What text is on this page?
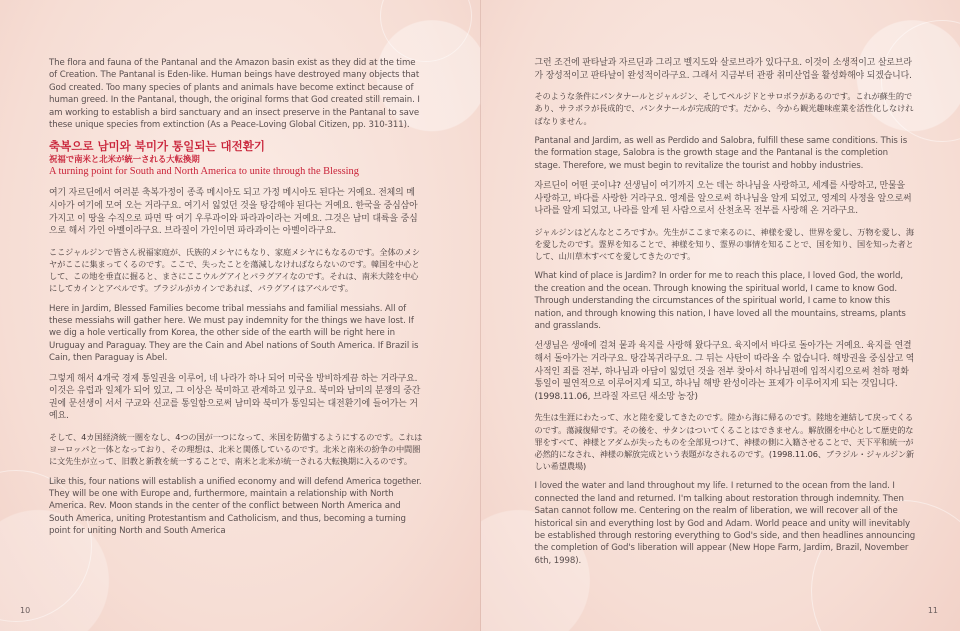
The flora and fauna of the Pantanal and the Amazon basin exist as they did at the time of Creation. The Pantanal is Eden-like. Human beings have destroyed many objects that God created. Too many species of plants and animals have become extinct because of human greed. In the Pantanal, though, the original forms that God created still remain. I am working to establish a bird sanctuary and an insect preserve in the Pantanal to save these unique species from extinction (As a Peace-Loving Global Citizen, pp. 310-311).

축복으로 남미와 북미가 통일되는 대전환기
祝福で南米と北米が統一される大転換期
A turning point for South and North America to unite through the Blessing

여기 자르딘에서 여러분 축복가정이 종족 메시아도 되고 가정 메시아도 된다는 거예요. 전체의 메시아가 여기에 모여 오는 거라구요. 여기서 잃었던 것을 탕감해야 된다는 거예요. 한국을 중심삼아 가지고 이 땅을 수직으로 파면 딱 여기 우루과이와 파라과이라는 거예요. 그것은 남미 대륙을 중심으로 해서 가인 아벨이라구요. 브라질이 가인이면 파라과이는 아벨이라구요.

ここジャルジンで皆さん祝福家庭が、氏族的メシヤにもなり、家庭メシヤにもなるのです。全体のメシヤがここに集まってくるのです。ここで、失ったことを蕩減しなければならないのです。韓国を中心として、この地を垂直に掘ると、まさにここウルグアイとパラグアイなのです。それは、南米大陸を中心にしてカインとアベルです。ブラジルがカインであれば、パラグアイはアベルです。

Here in Jardim, Blessed Families become tribal messiahs and familial messiahs. All of these messiahs will gather here. We must pay indemnity for the things we have lost. If we dig a hole vertically from Korea, the other side of the earth will be right here in Uruguay and Paraguay. They are the Cain and Abel nations of South America. If Brazil is Cain, then Paraguay is Abel.

그렇게 해서 4개국 경제 통일권을 이루어, 네 나라가 하나 되어 미국을 방비하게끔 하는 거라구요. 이것은 유럽과 일체가 되어 있고, 그 이상은 북미하고 관계하고 있구요. 북미와 남미의 분쟁의 중간권에 문선생이 서서 구교와 신교를 통일함으로써 남미와 북미가 통일되는 대전환기에 들어가는 거예요.

そして、4カ国経済統一圏をなし、4つの国が一つになって、米国を防備するようにするのです。これはヨーロッパと一体となっており、その理想は、北米と関係しているのです。北米と南米の紛争の中間圏に文先生が立って、旧教と新教を統一することで、南米と北米が統一される大転換期に入るのです。

Like this, four nations will establish a unified economy and will defend America together. They will be one with Europe and, furthermore, maintain a relationship with North America. Rev. Moon stands in the center of the conflict between North America and South America, uniting Protestantism and Catholicism, and thus, becoming a turning point for uniting North and South America

10

그런 조건에 판타날과 자르딘과 그리고 벨지도와 살로브라가 있다구요. 이것이 소생적이고 살로브라가 장성적이고 판타날이 완성적이라구요. 그래서 지금부터 관광 취미산업을 활성화해야 되겠습니다.

そのような条件にパンタナールとジャルジン、そしてペルジドとサロボラがあるのです。これが蘇生的であり、サラボラが長成的で、パンタナールが完成的です。だから、今から観光趣味産業を活性化しなければなりません。

Pantanal and Jardim, as well as Perdido and Salobra, fulfill these same conditions. This is the formation stage, Salobra is the growth stage and the Pantanal is the completion stage. Therefore, we must begin to revitalize the tourist and hobby industries.

자르딘이 어떤 곳이냐? 선생님이 여기까지 오는 데는 하나님을 사랑하고, 세계를 사랑하고, 만물을 사랑하고, 바다를 사랑한 거라구요. 영계를 알으로써 하나님을 알게 되었고, 영계의 사정을 알으로써 나라를 알게 되었고, 나라를 알게 된 사람으로서 산천초목 전부를 사랑해 온 거라구요.

ジャルジンはどんなところですか。先生がここまで来るのに、神様を愛し、世界を愛し、万物を愛し、海を愛したのです。霊界を知ることで、神様を知り、霊界の事情を知ることで、国を知り、国を知った者として、山川草木すべてを愛してきたのです。

What kind of place is Jardim? In order for me to reach this place, I loved God, the world, the creation and the ocean. Through knowing the spiritual world, I came to know God. Through understanding the circumstances of the spiritual world, I came to know this nation, and through knowing this nation, I have loved all the mountains, streams, plants and grasslands.

선생님은 생애에 걸쳐 뭍과 육지를 사랑해 왔다구요. 육지에서 바다로 돌아가는 거예요. 육지를 연결해서 돌아가는 거라구요. 탕감복귀라구요. 그 뒤는 사탄이 따라올 수 없습니다. 해방권을 중심삼고 역사적인 죄를 전부, 하나님과 아담이 잃었던 것을 전부 찾아서 하나님편에 입적시킴으로써 천하 평화 통일이 필연적으로 이루어지게 되고, 하나님 해방 완성이라는 표제가 이루어지게 되는 것입니다. (1998.11.06, 브라질 자르딘 새소망 농장)

先生は生涯にわたって、水と陸を愛してきたのです。陸から海に帰るのです。陸地を連結して戻ってくるのです。蕩減復帰です。その後を、サタンはついてくることはできません。解放圏を中心として歴史的な罪をすべて、神様とアダムが失ったものを全部見つけて、神様の側に入籍させることで、天下平和統一が必然的になされ、神様の解放完成という表題がなされるのです。(1998.11.06、ブラジル・ジャルジン新しい希望農場)

I loved the water and land throughout my life. I returned to the ocean from the land. I connected the land and returned. I'm talking about restoration through indemnity. Then Satan cannot follow me. Centering on the realm of liberation, we will recover all of the historical sin and everything lost by God and Adam. World peace and unity will inevitably be established through restoring everything to God's side, and then headlines announcing the completion of God's liberation will appear (New Hope Farm, Jardim, Brazil, November 6th, 1998).

11
